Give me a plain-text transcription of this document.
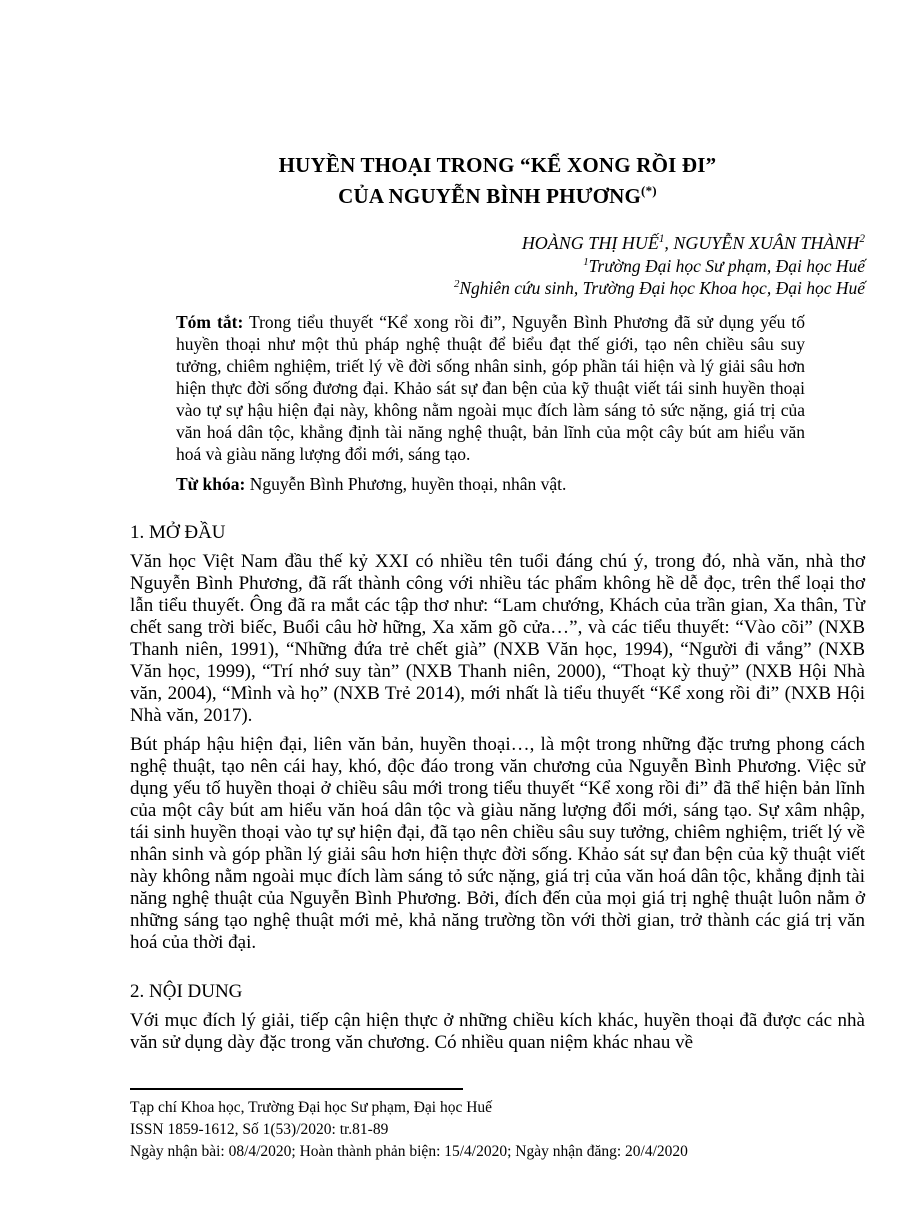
HUYỀN THOẠI TRONG “KỂ XONG RỒI ĐI”
CỦA NGUYỄN BÌNH PHƯƠNG(*)
HOÀNG THỊ HUẾ$^1$, NGUYỄN XUÂN THÀNH$^2$
$^1$Trường Đại học Sư phạm, Đại học Huế
$^2$Nghiên cứu sinh, Trường Đại học Khoa học, Đại học Huế
Tóm tắt: Trong tiểu thuyết “Kể xong rồi đi”, Nguyễn Bình Phương đã sử dụng yếu tố huyền thoại như một thủ pháp nghệ thuật để biểu đạt thế giới, tạo nên chiều sâu suy tưởng, chiêm nghiệm, triết lý về đời sống nhân sinh, góp phần tái hiện và lý giải sâu hơn hiện thực đời sống đương đại. Khảo sát sự đan bện của kỹ thuật viết tái sinh huyền thoại vào tự sự hậu hiện đại này, không nằm ngoài mục đích làm sáng tỏ sức nặng, giá trị của văn hoá dân tộc, khẳng định tài năng nghệ thuật, bản lĩnh của một cây bút am hiểu văn hoá và giàu năng lượng đổi mới, sáng tạo.
Từ khóa: Nguyễn Bình Phương, huyền thoại, nhân vật.
1. MỞ ĐẦU

Văn học Việt Nam đầu thế kỷ XXI có nhiều tên tuổi đáng chú ý, trong đó, nhà văn, nhà thơ Nguyễn Bình Phương, đã rất thành công với nhiều tác phẩm không hề dễ đọc, trên thể loại thơ lẫn tiểu thuyết. Ông đã ra mắt các tập thơ như: “Lam chướng, Khách của trần gian, Xa thân, Từ chết sang trời biếc, Buổi câu hờ hững, Xa xăm gõ cửa…”, và các tiểu thuyết: “Vào cõi” (NXB Thanh niên, 1991), “Những đứa trẻ chết già” (NXB Văn học, 1994), “Người đi vắng” (NXB Văn học, 1999), “Trí nhớ suy tàn” (NXB Thanh niên, 2000), “Thoạt kỳ thuỷ” (NXB Hội Nhà văn, 2004), “Mình và họ” (NXB Trẻ 2014), mới nhất là tiểu thuyết “Kể xong rồi đi” (NXB Hội Nhà văn, 2017).

Bút pháp hậu hiện đại, liên văn bản, huyền thoại…, là một trong những đặc trưng phong cách nghệ thuật, tạo nên cái hay, khó, độc đáo trong văn chương của Nguyễn Bình Phương. Việc sử dụng yếu tố huyền thoại ở chiều sâu mới trong tiểu thuyết “Kể xong rồi đi” đã thể hiện bản lĩnh của một cây bút am hiểu văn hoá dân tộc và giàu năng lượng đổi mới, sáng tạo. Sự xâm nhập, tái sinh huyền thoại vào tự sự hiện đại, đã tạo nên chiều sâu suy tưởng, chiêm nghiệm, triết lý về nhân sinh và góp phần lý giải sâu hơn hiện thực đời sống. Khảo sát sự đan bện của kỹ thuật viết này không nằm ngoài mục đích làm sáng tỏ sức nặng, giá trị của văn hoá dân tộc, khẳng định tài năng nghệ thuật của Nguyễn Bình Phương. Bởi, đích đến của mọi giá trị nghệ thuật luôn nằm ở những sáng tạo nghệ thuật mới mẻ, khả năng trường tồn với thời gian, trở thành các giá trị văn hoá của thời đại.

2. NỘI DUNG

Với mục đích lý giải, tiếp cận hiện thực ở những chiều kích khác, huyền thoại đã được các nhà văn sử dụng dày đặc trong văn chương. Có nhiều quan niệm khác nhau về

Tạp chí Khoa học, Trường Đại học Sư phạm, Đại học Huế
ISSN 1859-1612, Số 1(53)/2020: tr.81-89
Ngày nhận bài: 08/4/2020; Hoàn thành phản biện: 15/4/2020; Ngày nhận đăng: 20/4/2020
